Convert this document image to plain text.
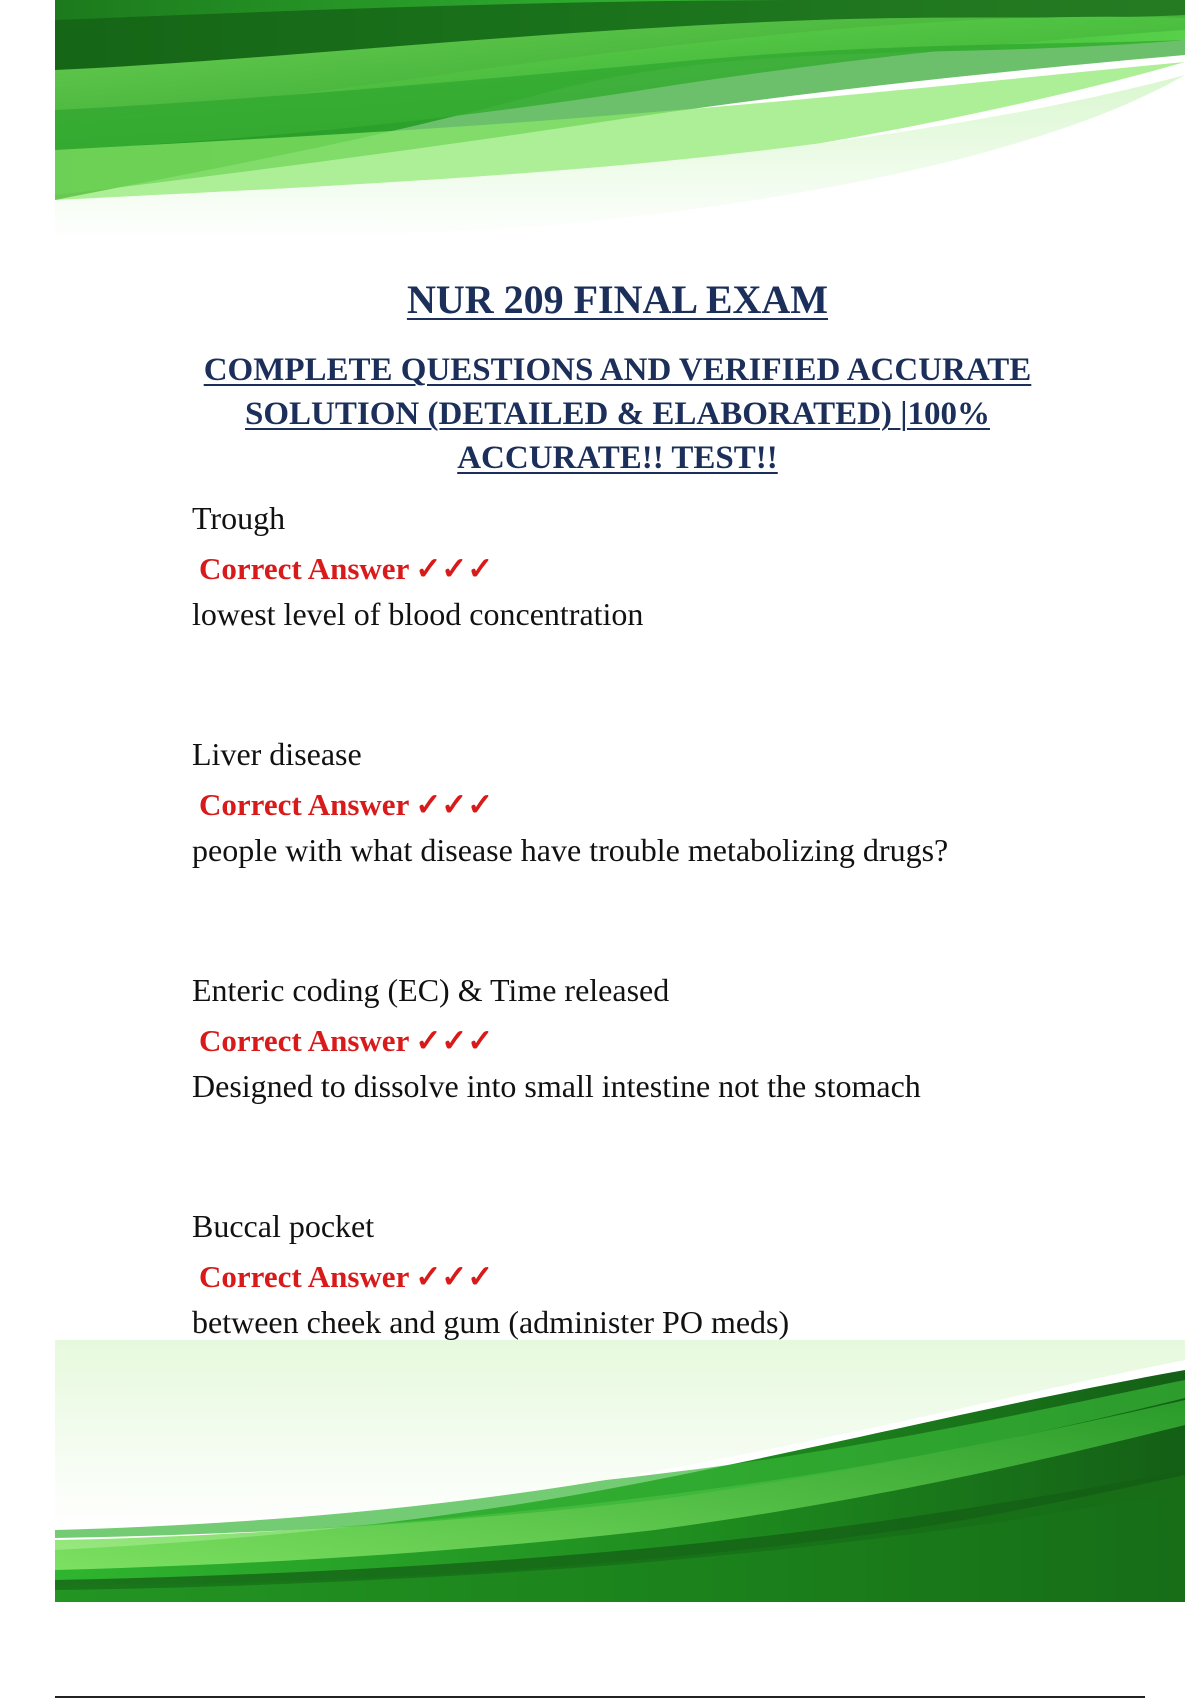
NUR 209 FINAL EXAM
COMPLETE QUESTIONS AND VERIFIED ACCURATE SOLUTION (DETAILED & ELABORATED) |100% ACCURATE!! TEST!!
Trough
Correct Answer ✓✓✓
lowest level of blood concentration
Liver disease
Correct Answer ✓✓✓
people with what disease have trouble metabolizing drugs?
Enteric coding (EC) & Time released
Correct Answer ✓✓✓
Designed to dissolve into small intestine not the stomach
Buccal pocket
Correct Answer ✓✓✓
between cheek and gum (administer PO meds)
